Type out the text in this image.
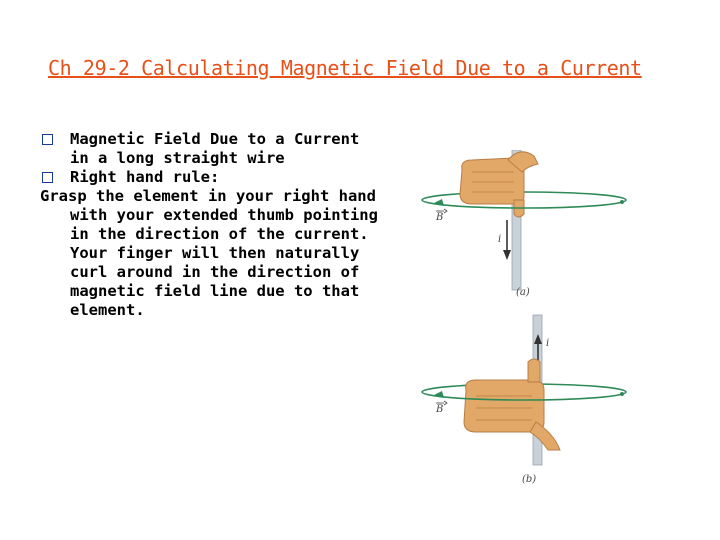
Ch 29-2 Calculating Magnetic Field Due to a Current
Magnetic Field Due to a Current in a long straight wire
Right hand rule:
Grasp the element in your right hand with your extended thumb pointing in the direction of the current. Your finger will then naturally curl around in the direction of magnetic field line due to that element.
B
i
(a)
i
B
(b)
